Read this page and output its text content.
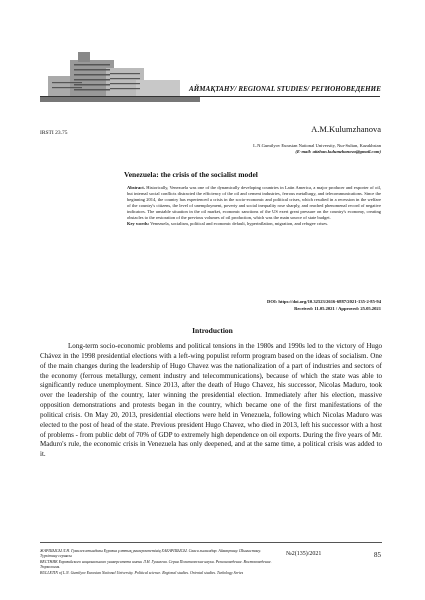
АЙМАҚТАНУ/ REGIONAL STUDIES/ РЕГИОНОВЕДЕНИЕ
IRSTI 23.75	A.M.Kulumzhanova
L.N.Gumilyov Eurasian National University, Nur-Sultan, Kazakhstan
(E-mail: aitzhan.kulumzhanova@gmail.com)
Venezuela: the crisis of the socialist model
Abstract. Historically, Venezuela was one of the dynamically developing countries in Latin America, a major producer and exporter of oil, but internal social conflicts distracted the efficiency of the oil and cement industries, ferrous metallurgy, and telecommunications. Since the beginning 2014, the country has experienced a crisis in the socio-economic and political crises, which resulted in a recession in the welfare of the country's citizens, the level of unemployment, poverty and social inequality rose sharply, and reached phenomenal record of negative indicators. The unstable situation in the oil market, economic sanctions of the US exert great pressure on the country's economy, creating obstacles to the restoration of the previous volumes of oil production, which was the main source of state budget.
Key words: Venezuela, socialism, political and economic default, hyperinflation, migration, and refugee crises.
DOI: https://doi.org/10.32523/2616-6887/2021-135-2-85-94
Received: 11.05.2021 / Approved: 25.05.2021
Introduction

Long-term socio-economic problems and political tensions in the 1980s and 1990s led to the victory of Hugo Chávez in the 1998 presidential elections with a left-wing populist reform program based on the ideas of socialism. One of the main changes during the leadership of Hugo Chavez was the nationalization of a part of industries and sectors of the economy (ferrous metallurgy, cement industry and telecommunications), because of which the state was able to significantly reduce unemployment. Since 2013, after the death of Hugo Chavez, his successor, Nicolas Maduro, took over the leadership of the country, later winning the presidential election. Immediately after his election, massive opposition demonstrations and protests began in the country, which became one of the first manifestations of the political crisis. On May 20, 2013, presidential elections were held in Venezuela, following which Nicolas Maduro was elected to the post of head of the state. Previous president Hugo Chavez, who died in 2013, left his successor with a host of problems - from public debt of 70% of GDP to extremely high dependence on oil exports. During the five years of Mr. Maduro's rule, the economic crisis in Venezuela has only deepened, and at the same time, a political crisis was added to it.

ЖАРШЫСЫ Л.Н. Гумилев атындағы Еуразия ұлттық университетінің ХАБАРШЫСЫ. Саяси ғылымдар. Аймақтану. Шығыстану. Түркітану сериясы
ВЕСТНИК Евразийского национального университета имени Л.Н. Гумилева. Серия Политические науки. Регионоведение. Востоковедение. Тюркология.
BULLETIN of L.N. Gumilyov Eurasian National University. Political science. Regional studies. Oriental studies. Turkology Series
№2(135)/2021	85
